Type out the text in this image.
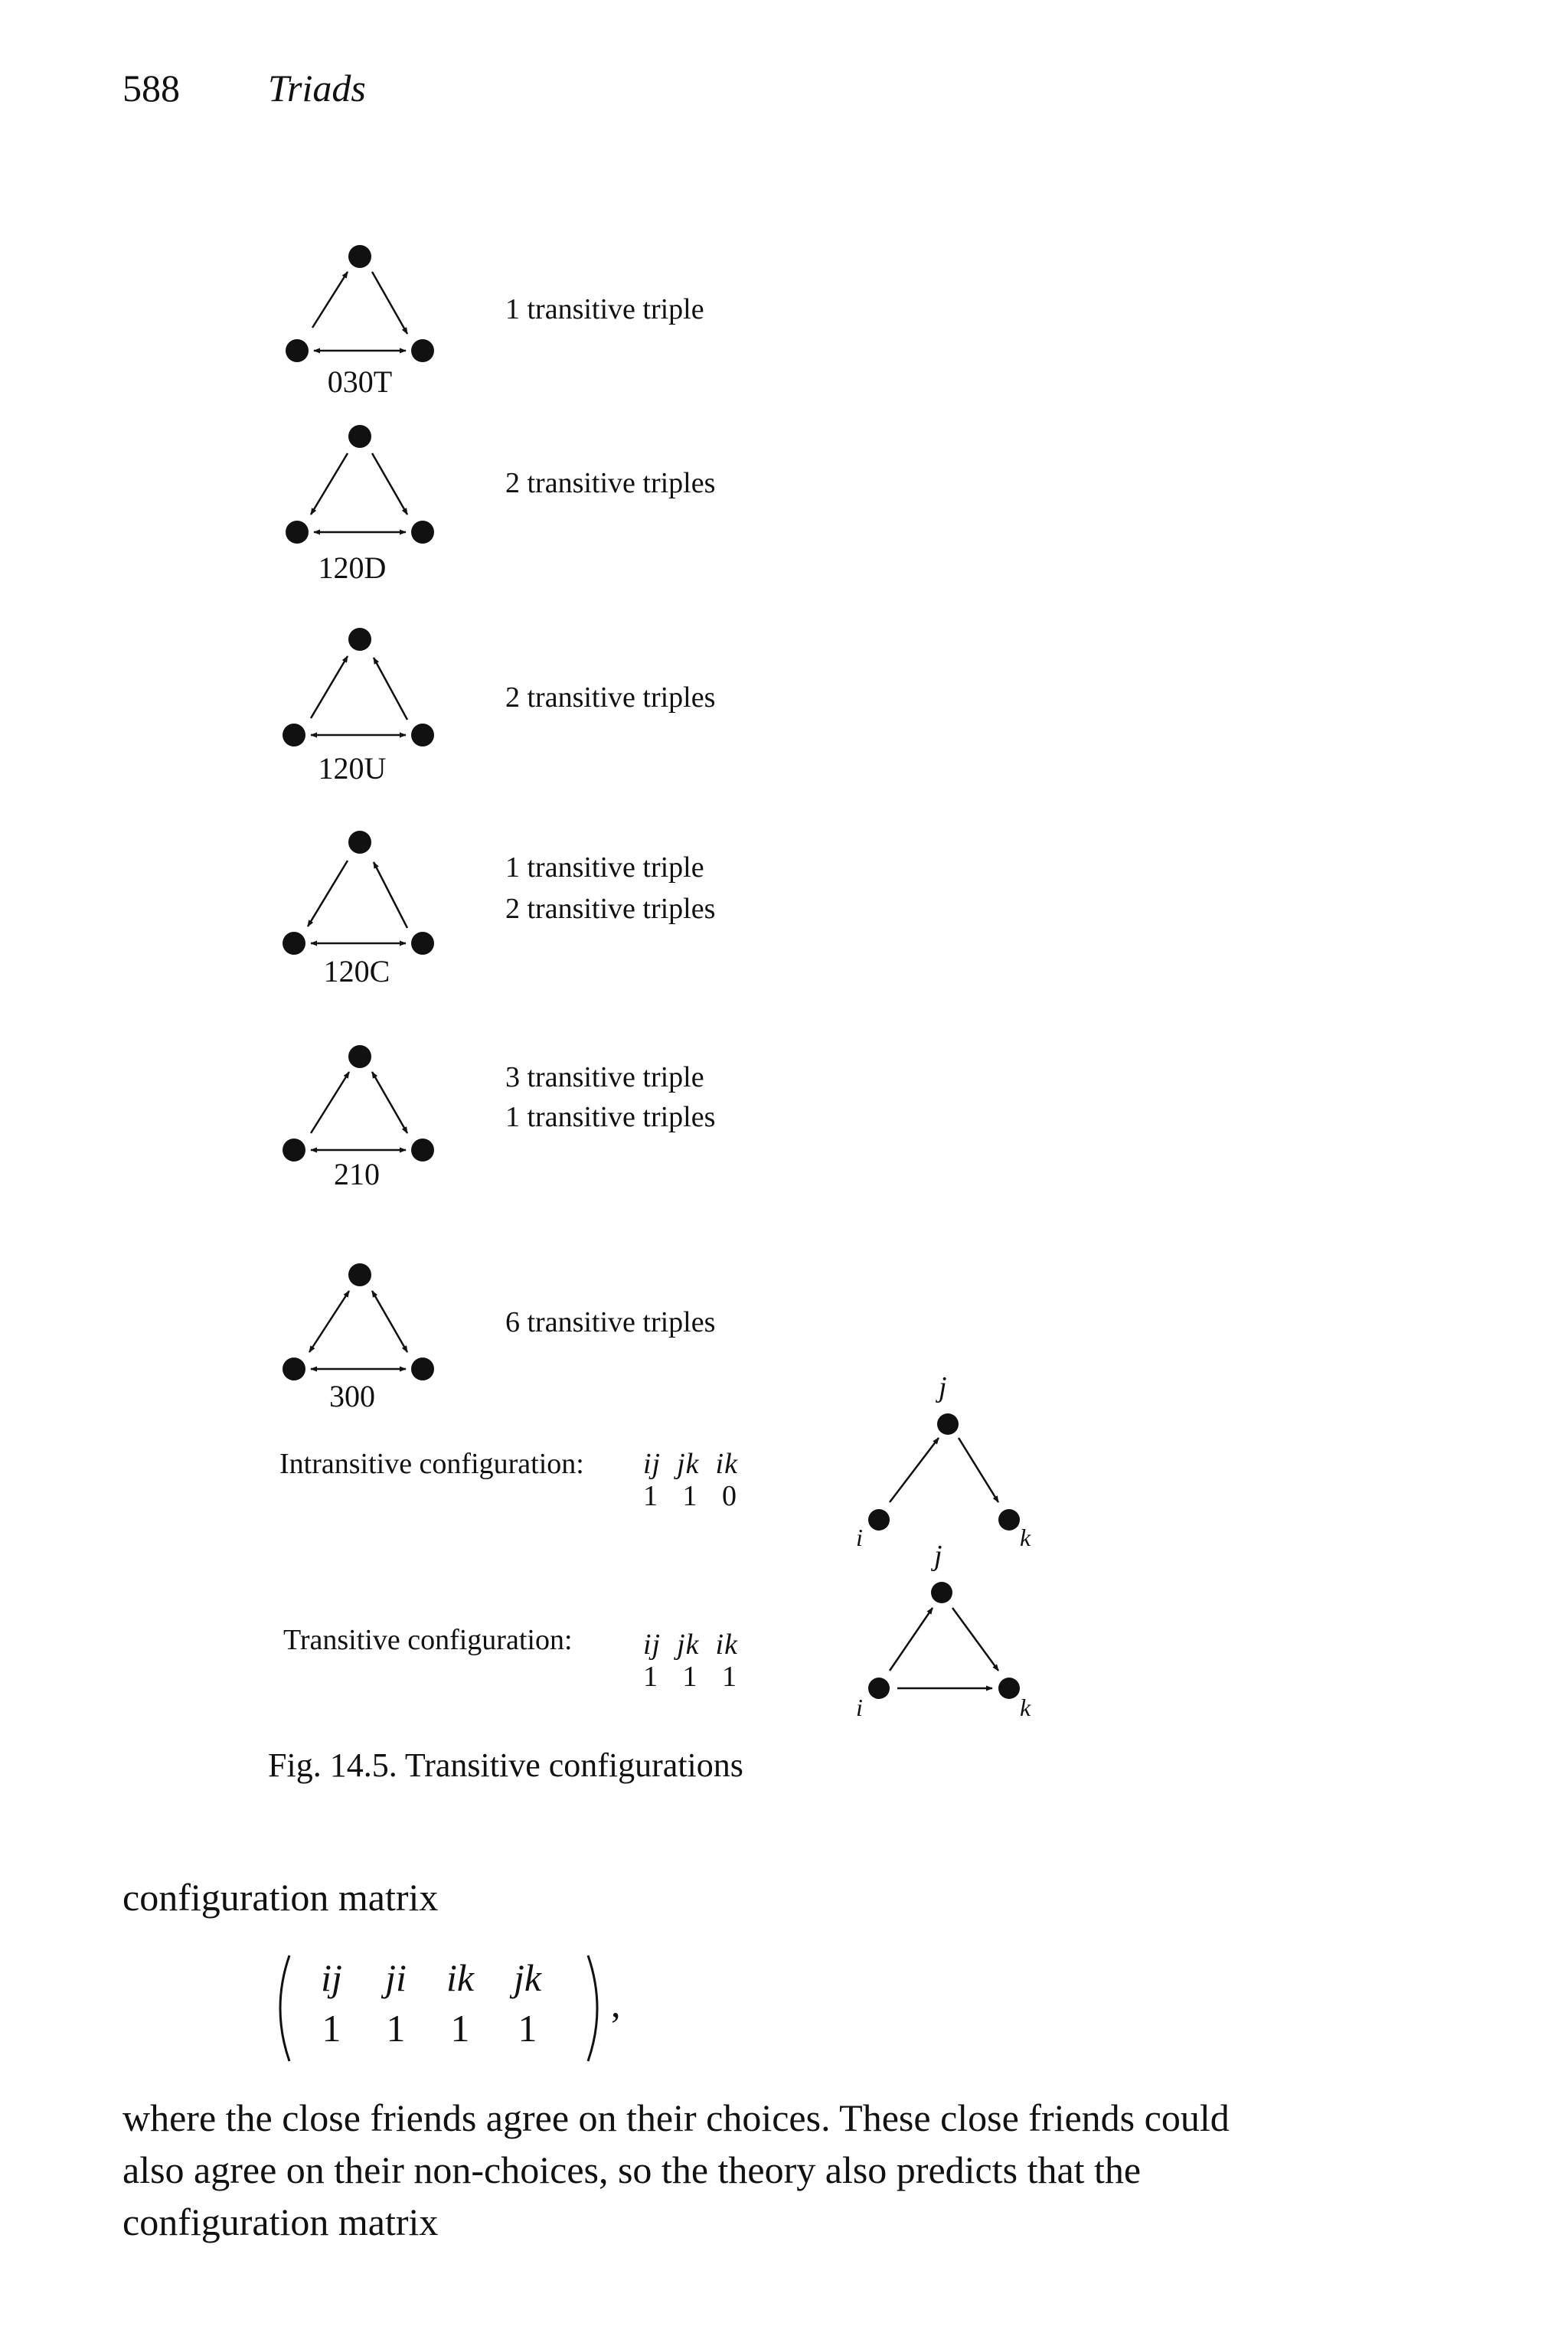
588 Triads
j
i	k
j
i	k
030T
120D
120U
120C
210
300
1 transitive triple
2 transitive triples
2 transitive triples
1 transitive triple
2 transitive triples
3 transitive triple
1 transitive triples
6 transitive triples
Intransitive configuration: ij  jk  ik
1   1   0
Transitive configuration: ij  jk  ik
1   1   1
Fig. 14.5. Transitive configurations
configuration matrix
ij	ji	ik	jk
1	1	1	1
,
where the close friends agree on their choices. These close friends could
also agree on their non-choices, so the theory also predicts that the
configuration matrix
